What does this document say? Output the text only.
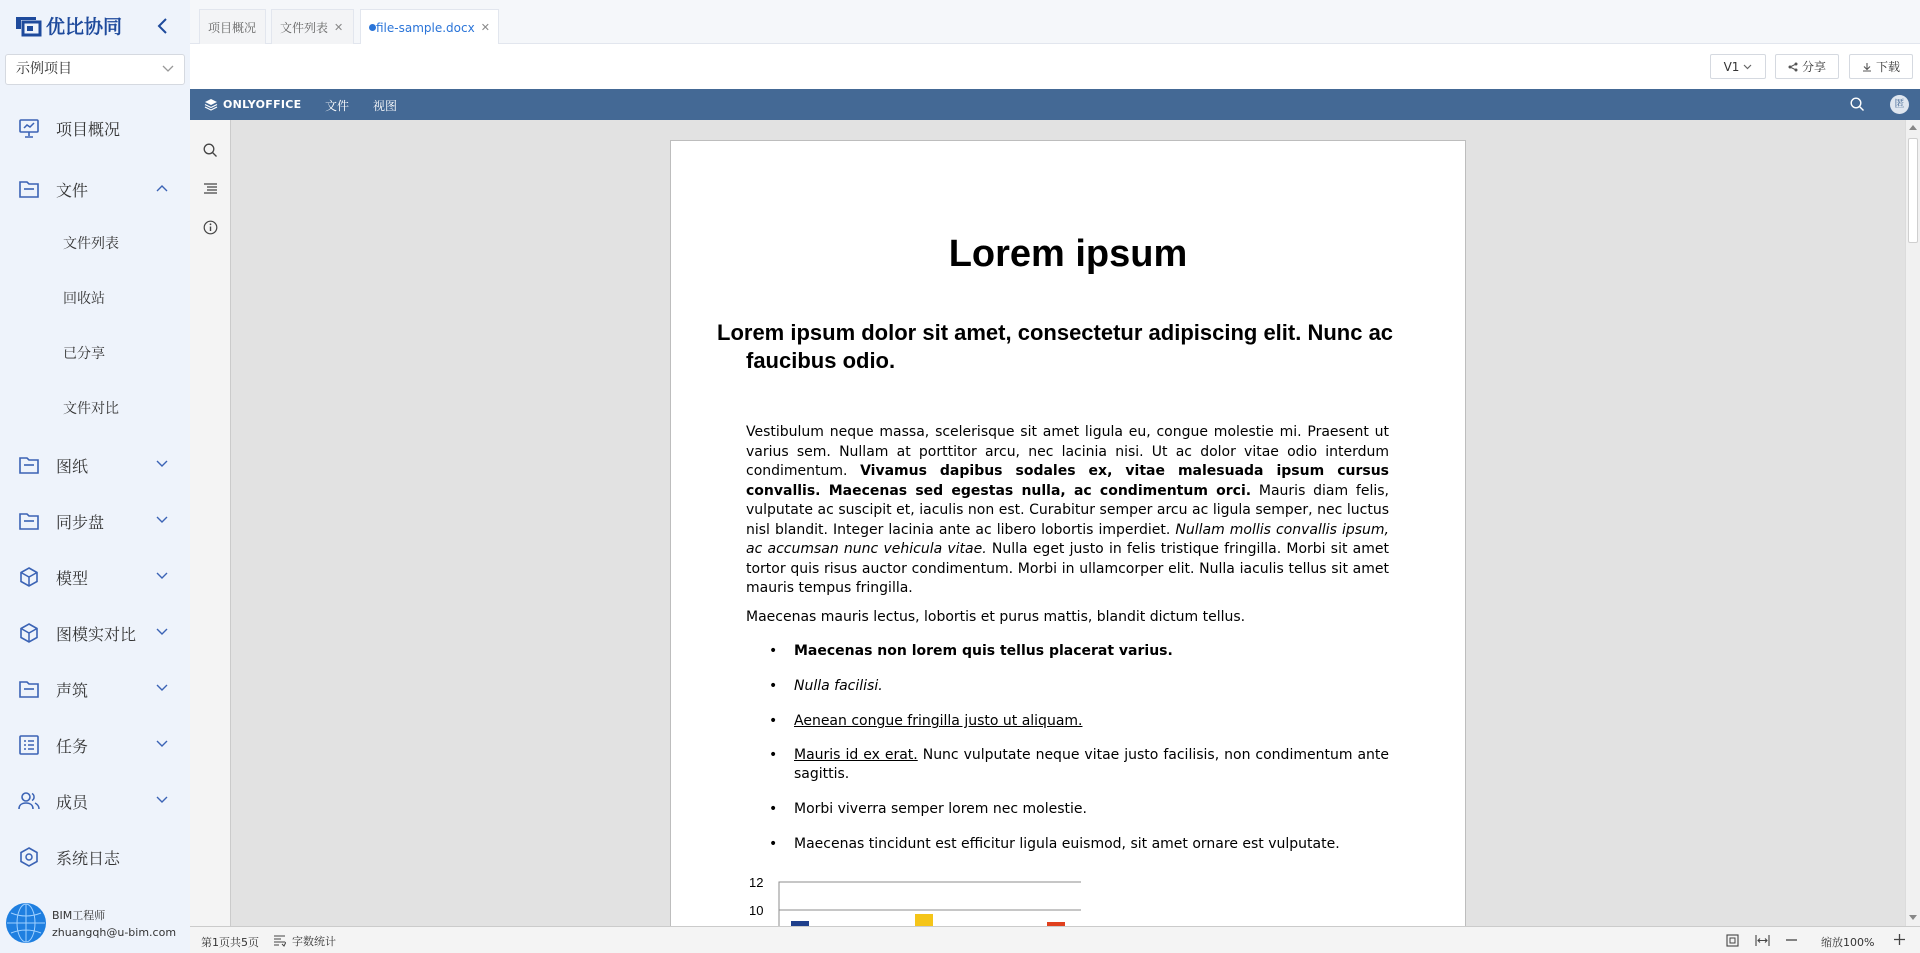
优比协同
示例项目
项目概况
文件
文件列表
回收站
已分享
文件对比
图纸
同步盘
模型
图模实对比
声筑
任务
成员
系统日志
BIM工程师
zhuangqh@u-bim.com
项目概况 文件列表 ✕	file-sample.docx ✕
V1	分享	下载
ONLYOFFICE 文件 视图	匿
Lorem ipsum
Lorem ipsum dolor sit amet, consectetur adipiscing elit. Nunc ac faucibus odio.
Vestibulum neque massa, scelerisque sit amet ligula eu, congue molestie mi. Praesent ut varius sem. Nullam at porttitor arcu, nec lacinia nisi. Ut ac dolor vitae odio interdum condimentum. Vivamus dapibus sodales ex, vitae malesuada ipsum cursus convallis. Maecenas sed egestas nulla, ac condimentum orci. Mauris diam felis, vulputate ac suscipit et, iaculis non est. Curabitur semper arcu ac ligula semper, nec luctus nisl blandit. Integer lacinia ante ac libero lobortis imperdiet. Nullam mollis convallis ipsum, ac accumsan nunc vehicula vitae. Nulla eget justo in felis tristique fringilla. Morbi sit amet tortor quis risus auctor condimentum. Morbi in ullamcorper elit. Nulla iaculis tellus sit amet mauris tempus fringilla.
Maecenas mauris lectus, lobortis et purus mattis, blandit dictum tellus.
• Maecenas non lorem quis tellus placerat varius.
• Nulla facilisi.
• Aenean congue fringilla justo ut aliquam.
• Mauris id ex erat. Nunc vulputate neque vitae justo facilisis, non condimentum ante sagittis.
• Morbi viverra semper lorem nec molestie.
• Maecenas tincidunt est efficitur ligula euismod, sit amet ornare est vulputate.
12
10
第1页共5页	字数统计	缩放100%
